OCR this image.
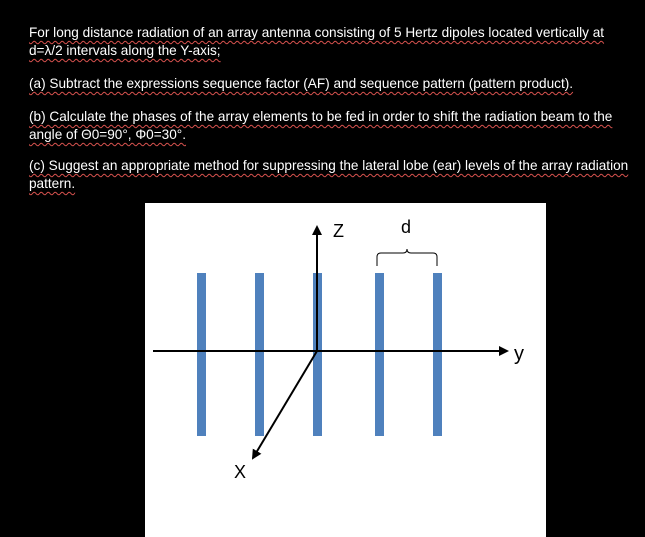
For long distance radiation of an array antenna consisting of 5 Hertz dipoles located vertically at
d=λ/2 intervals along the Y-axis;

(a) Subtract the expressions sequence factor (AF) and sequence pattern (pattern product).

(b) Calculate the phases of the array elements to be fed in order to shift the radiation beam to the
angle of Θ0=90°, Φ0=30°.

(c) Suggest an appropriate method for suppressing the lateral lobe (ear) levels of the array radiation
pattern.

Z	d
y
X
